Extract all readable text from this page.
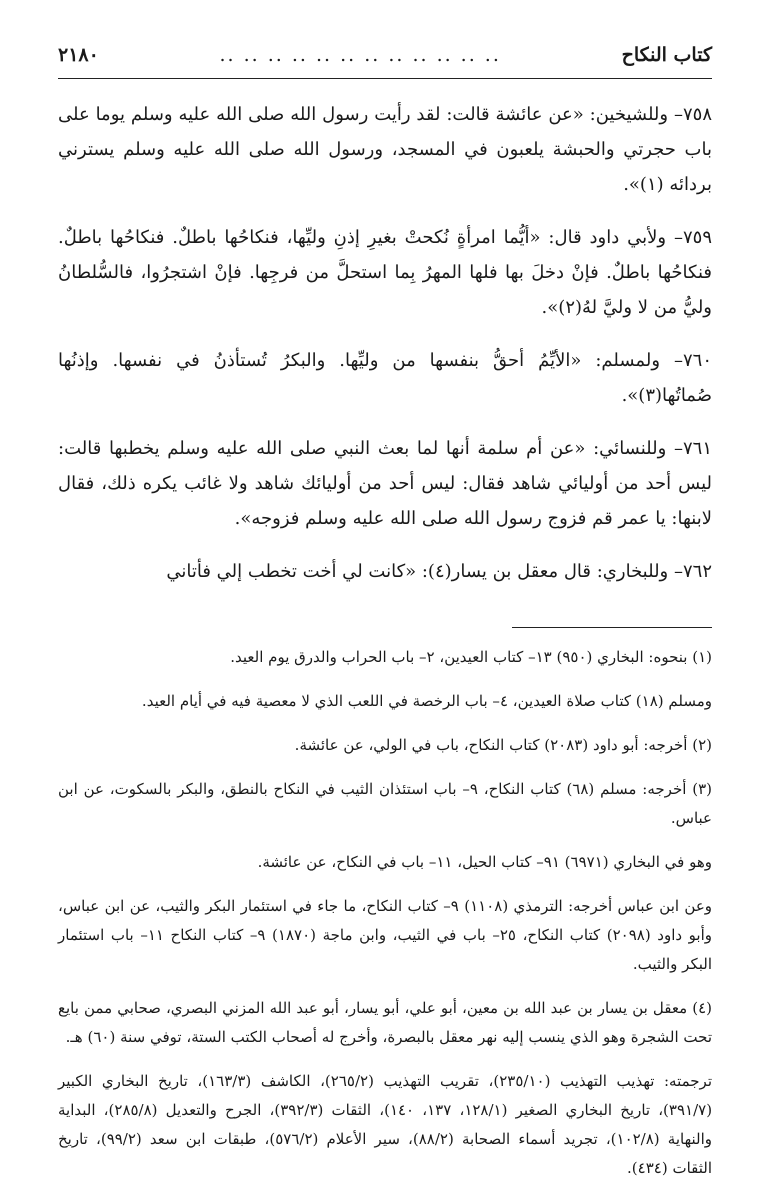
كتاب النكاح
.. .. .. .. .. .. .. .. .. .. .. ..
٢١٨٠

٧٥٨– وللشيخين: «عن عائشة قالت: لقد رأيت رسول الله صلى الله عليه وسلم يوما على باب حجرتي والحبشة يلعبون في المسجد، ورسول الله صلى الله عليه وسلم يسترني بردائه (١)».

٧٥٩– ولأبي داود قال: «أيُّما امرأةٍ نُكحتْ بغيرِ إذنِ وليِّها، فنكاحُها باطلٌ. فنكاحُها باطلٌ. فنكاحُها باطلٌ. فإنْ دخلَ بها فلها المهرُ بِما استحلَّ من فرجِها. فإنْ اشتجرُوا، فالسُّلطانُ وليُّ من لا وليَّ لهُ(٢)».

٧٦٠– ولمسلم: «الأيِّمُ أحقُّ بنفسها من وليِّها. والبكرُ تُستأذنُ في نفسها. وإذنُها صُماتُها(٣)».

٧٦١– وللنسائي: «عن أم سلمة أنها لما بعث النبي صلى الله عليه وسلم يخطبها قالت: ليس أحد من أوليائي شاهد فقال: ليس أحد من أوليائك شاهد ولا غائب يكره ذلك، فقال لابنها: يا عمر قم فزوج رسول الله صلى الله عليه وسلم فزوجه».

٧٦٢– وللبخاري: قال معقل بن يسار(٤): «كانت لي أخت تخطب إلي فأتاني

(١) بنحوه: البخاري (٩٥٠) ١٣– كتاب العيدين، ٢– باب الحراب والدرق يوم العيد.

ومسلم (١٨) كتاب صلاة العيدين، ٤– باب الرخصة في اللعب الذي لا معصية فيه في أيام العيد.

(٢) أخرجه: أبو داود (٢٠٨٣) كتاب النكاح، باب في الولي، عن عائشة.

(٣) أخرجه: مسلم (٦٨) كتاب النكاح، ٩– باب استئذان الثيب في النكاح بالنطق، والبكر بالسكوت، عن ابن عباس.

وهو في البخاري (٦٩٧١) ٩١– كتاب الحيل، ١١– باب في النكاح، عن عائشة.

وعن ابن عباس أخرجه: الترمذي (١١٠٨) ٩– كتاب النكاح، ما جاء في استئمار البكر والثيب، عن ابن عباس، وأبو داود (٢٠٩٨) كتاب النكاح، ٢٥– باب في الثيب، وابن ماجة (١٨٧٠) ٩– كتاب النكاح ١١– باب استئمار البكر والثيب.

(٤) معقل بن يسار بن عبد الله بن معين، أبو علي، أبو يسار، أبو عبد الله المزني البصري، صحابي ممن بايع تحت الشجرة وهو الذي ينسب إليه نهر معقل بالبصرة، وأخرج له أصحاب الكتب الستة، توفي سنة (٦٠) هـ.

ترجمته: تهذيب التهذيب (٢٣٥/١٠)، تقريب التهذيب (٢٦٥/٢)، الكاشف (١٦٣/٣)، تاريخ البخاري الكبير (٣٩١/٧)، تاريخ البخاري الصغير (١٢٨/١، ١٣٧، ١٤٠)، الثقات (٣٩٢/٣)، الجرح والتعديل (٢٨٥/٨)، البداية والنهاية (١٠٢/٨)، تجريد أسماء الصحابة (٨٨/٢)، سير الأعلام (٥٧٦/٢)، طبقات ابن سعد (٩٩/٢)، تاريخ الثقات (٤٣٤).
